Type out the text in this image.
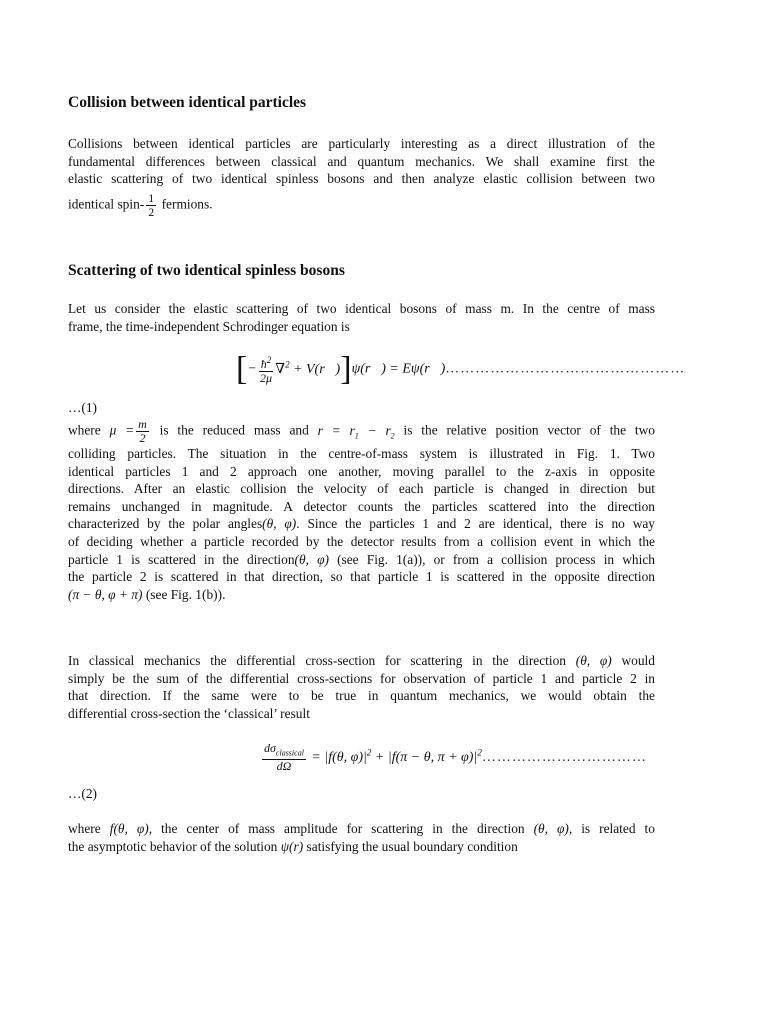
Collision between identical particles
Collisions between identical particles are particularly interesting as a direct illustration of the
fundamental differences between classical and quantum mechanics. We shall examine first the
elastic scattering of two identical spinless bosons and then analyze elastic collision between two
identical spin- $\frac{1}{2}$ fermions.
Scattering of two identical spinless bosons
Let us consider the elastic scattering of two identical bosons of mass m. In the centre of mass
frame, the time-independent Schrodinger equation is
[− $\frac{ħ^2}{2\mu} \nabla^2$ + V(r⃗)]ψ(r⃗) = Eψ(r⃗)…………………………………………
…(1)
where $\mu = \frac{m}{2}$ is the reduced mass and $r = r_1 - r_2$ is the relative position vector of the two
colliding particles. The situation in the centre-of-mass system is illustrated in Fig. 1. Two
identical particles 1 and 2 approach one another, moving parallel to the z-axis in opposite
directions. After an elastic collision the velocity of each particle is changed in direction but
remains unchanged in magnitude. A detector counts the particles scattered into the direction
characterized by the polar angles(θ, φ). Since the particles 1 and 2 are identical, there is no way
of deciding whether a particle recorded by the detector results from a collision event in which the
particle 1 is scattered in the direction(θ, φ) (see Fig. 1(a)), or from a collision process in which
the particle 2 is scattered in that direction, so that particle 1 is scattered in the opposite direction
(π − θ, φ + π) (see Fig. 1(b)).
In classical mechanics the differential cross-section for scattering in the direction (θ, φ) would
simply be the sum of the differential cross-sections for observation of particle 1 and particle 2 in
that direction. If the same were to be true in quantum mechanics, we would obtain the
differential cross-section the ‘classical’ result
$\frac{d\sigma_{classical}}{d\Omega} = |f(\theta$, $\varphi)|^2 + |f(\pi - \theta$, $\pi + \varphi)|^2\dots\dots\dots\dots\dots\dots\dots\dots\dots\dots\dots$
…(2)
where f(θ, φ), the center of mass amplitude for scattering in the direction (θ, φ), is related to
the asymptotic behavior of the solution ψ(r) satisfying the usual boundary condition
